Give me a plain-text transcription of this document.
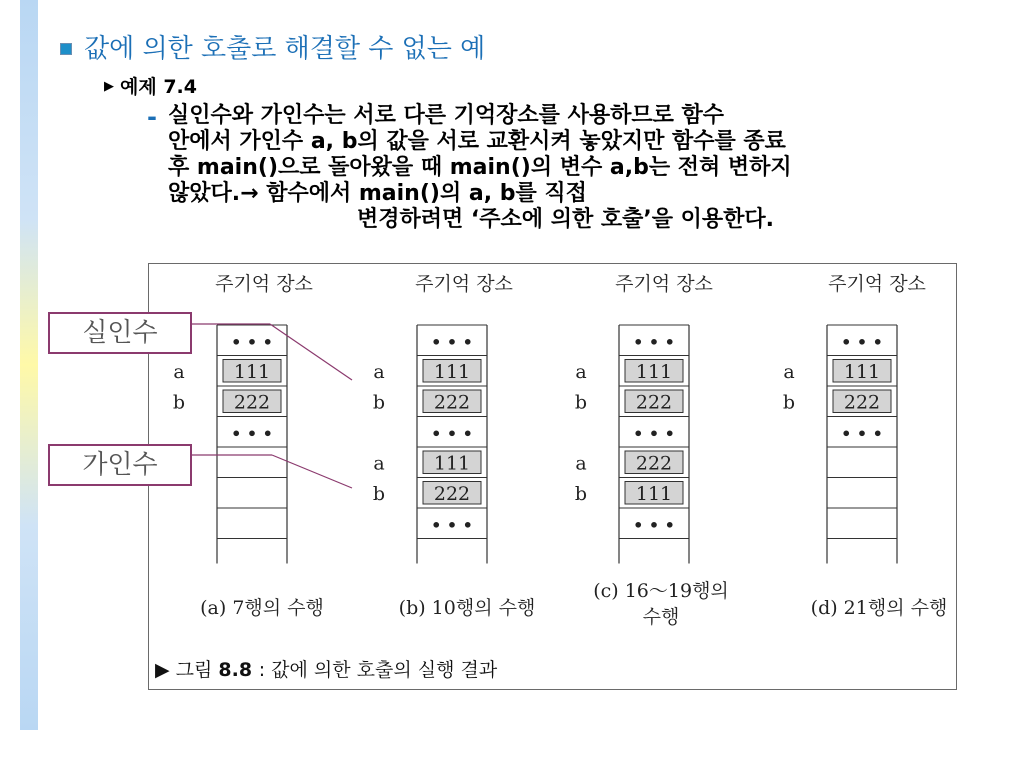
값에 의한 호출로 해결할 수 없는 예
▶ 예제 7.4
- 실인수와 가인수는 서로 다른 기억장소를 사용하므로 함수
안에서 가인수 a, b의 값을 서로 교환시켜 놓았지만 함수를 종료
후 main()으로 돌아왔을 때 main()의 변수 a,b는 전혀 변하지
않았다.→ 함수에서 main()의 a, b를 직접
변경하려면 ‘주소에 의한 호출’을 이용한다.
주기억 장소
• • •
111
a
222
b
• • •
(a) 7행의 수행
주기억 장소
• • •
111
a
222
b
• • •
111
a
222
b
• • •
(b) 10행의 수행
주기억 장소
• • •
111
a
222
b
• • •
222
a
111
b
• • •
(c) 16～19행의
수행
주기억 장소
• • •
111
a
222
b
• • •
(d) 21행의 수행
▶ 그림 8.8 : 값에 의한 호출의 실행 결과
실인수
가인수
